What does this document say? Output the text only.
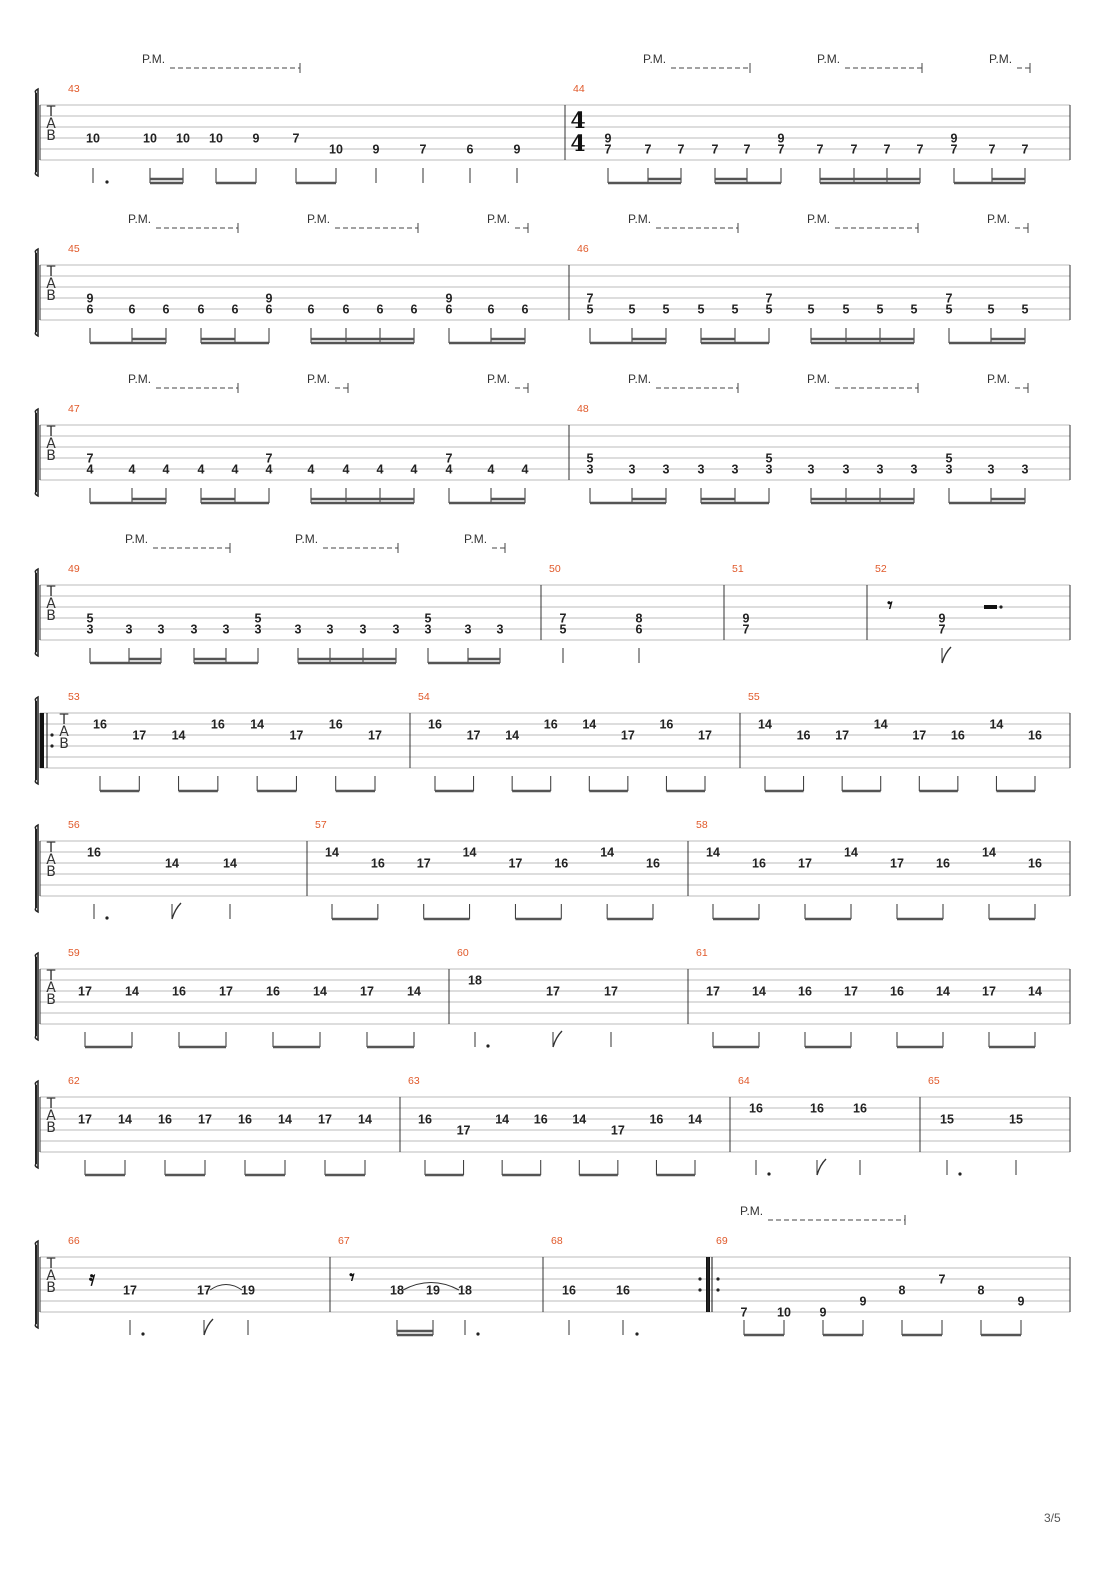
T
A
B
43
10	10 10 10 9	7
10 9	7	6	9
P.M.
44
4
4 9	9	9
7	7 7 7 7 7	7 7 7 7 7 7 7
P.M.	P.M.	P.M.
T
A
B
45
9	9	9
6	6 6 6 6 6	6 6 6 6 6	6 6
P.M.	P.M.	P.M.
46
7	7	7
5	5 5 5 5 5	5 5 5 5 5	5 5
P.M.	P.M.	P.M.
T
A
B
47
7	7	7
4	4 4 4 4 4	4 4 4 4 4	4 4
P.M.	P.M.	P.M.
48
5	5	5
3	3 3 3 3 3	3 3 3 3 3	3 3
P.M.	P.M.	P.M.
T
A
B
49
5	5	5
3	3 3 3 3 3	3 3 3 3 3	3 3
P.M.	P.M.	P.M.
50
7
5
8
6
51
9
7
52
𝄾
9
7
T
A
B
53
16
17 14
16 14
17
16
17
54
16
17 14
16 14
17
16
17
55
14
16 17
14
17 16
14
16
T
A
B
56
16
14	14
57
14
16	17
14
17	16
14
16
58
14
16	17
14
17	16
14
16
T
A
B
59
17	14	16	17	16	14	17	14
60
18
17	17
61
17	14	16	17	16	14	17	14
T
A
B
62
17 14 16 17 16 14 17 14
63
16
17
14 16 14
17
16 14
64
16	16 16
65
15	15
T
A
B
66
17	17 19
𝄿
67
18 19 18
𝄾
68
16	16
69
7 10 9
9
8
7
8
9
P.M.
3/5
